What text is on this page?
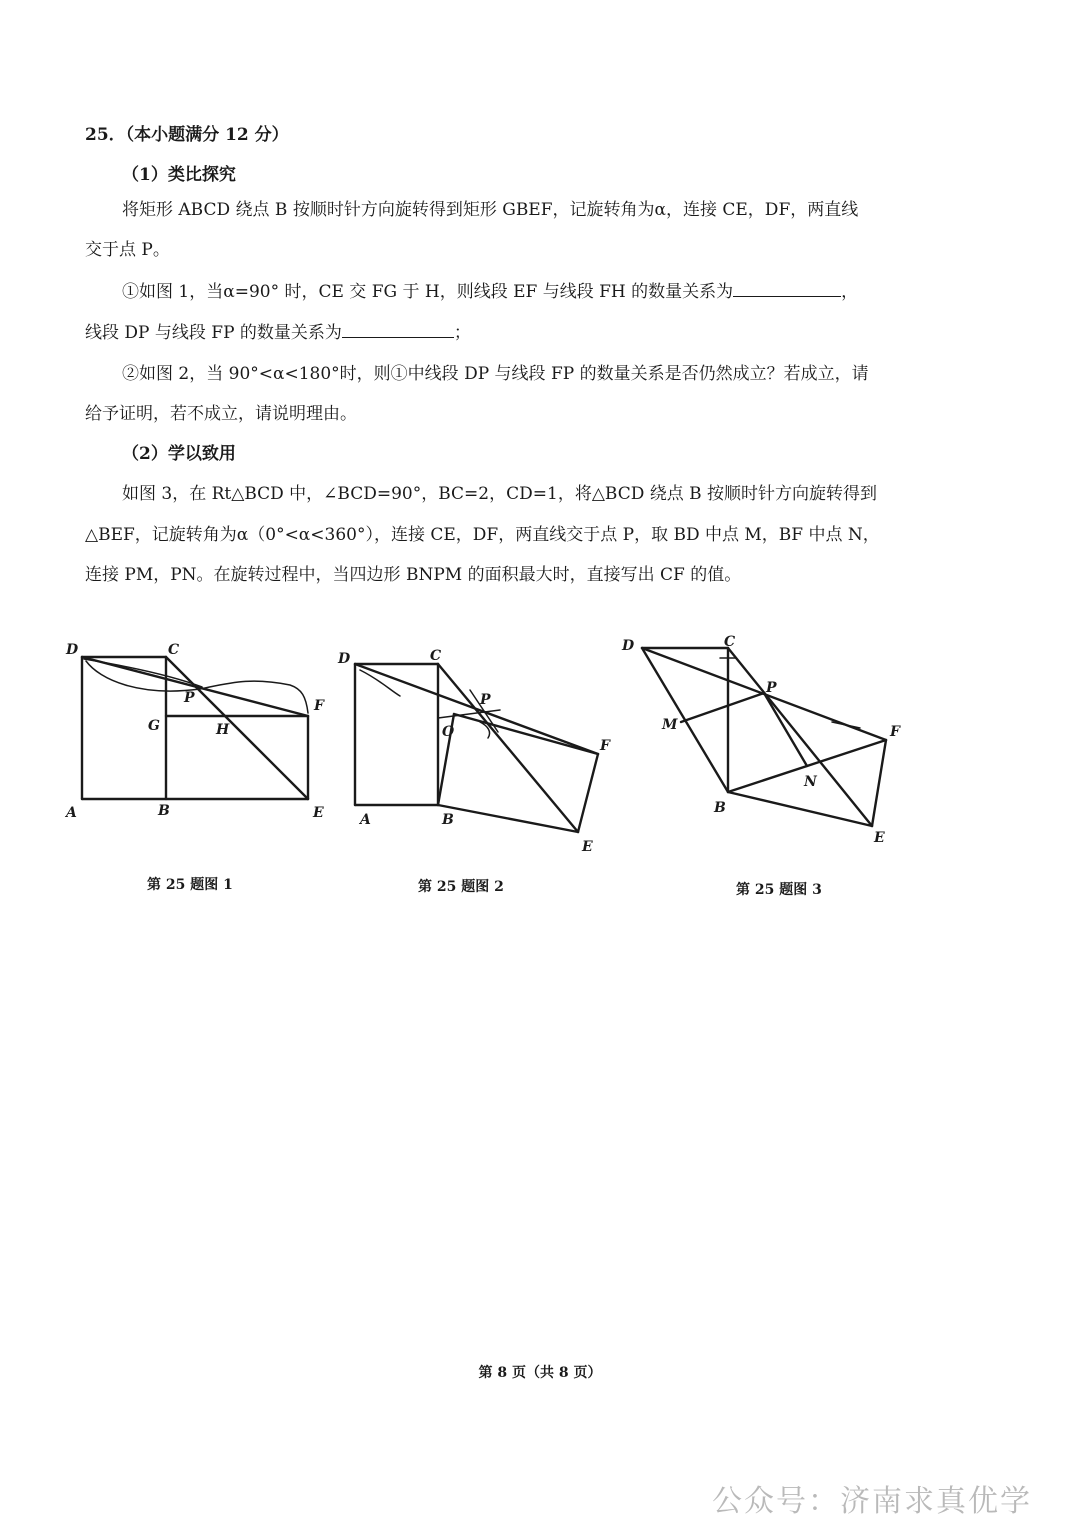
25．（本小题满分 12 分）
（1）类比探究
将矩形 ABCD 绕点 B 按顺时针方向旋转得到矩形 GBEF，记旋转角为α，连接 CE，DF，两直线
交于点 P。
①如图 1，当α=90° 时，CE 交 FG 于 H，则线段 EF 与线段 FH 的数量关系为	，
线段 DP 与线段 FP 的数量关系为	；
②如图 2，当 90°<α<180°时，则①中线段 DP 与线段 FP 的数量关系是否仍然成立？若成立，请
给予证明，若不成立，请说明理由。
（2）学以致用
如图 3，在 Rt△BCD 中，∠BCD=90°，BC=2，CD=1，将△BCD 绕点 B 按顺时针方向旋转得到
△BEF，记旋转角为α（0°<α<360°），连接 CE，DF，两直线交于点 P，取 BD 中点 M，BF 中点 N，
连接 PM，PN。在旋转过程中，当四边形 BNPM 的面积最大时，直接写出 CF 的值。
D	C
P
G	H
F
A	B	E
第 25 题图 1
D	C
P
O
F
A	B
E
第 25 题图 2
D	C
P
M	F
N
B
E
第 25 题图 3
第 8 页（共 8 页）
公众号：济南求真优学
